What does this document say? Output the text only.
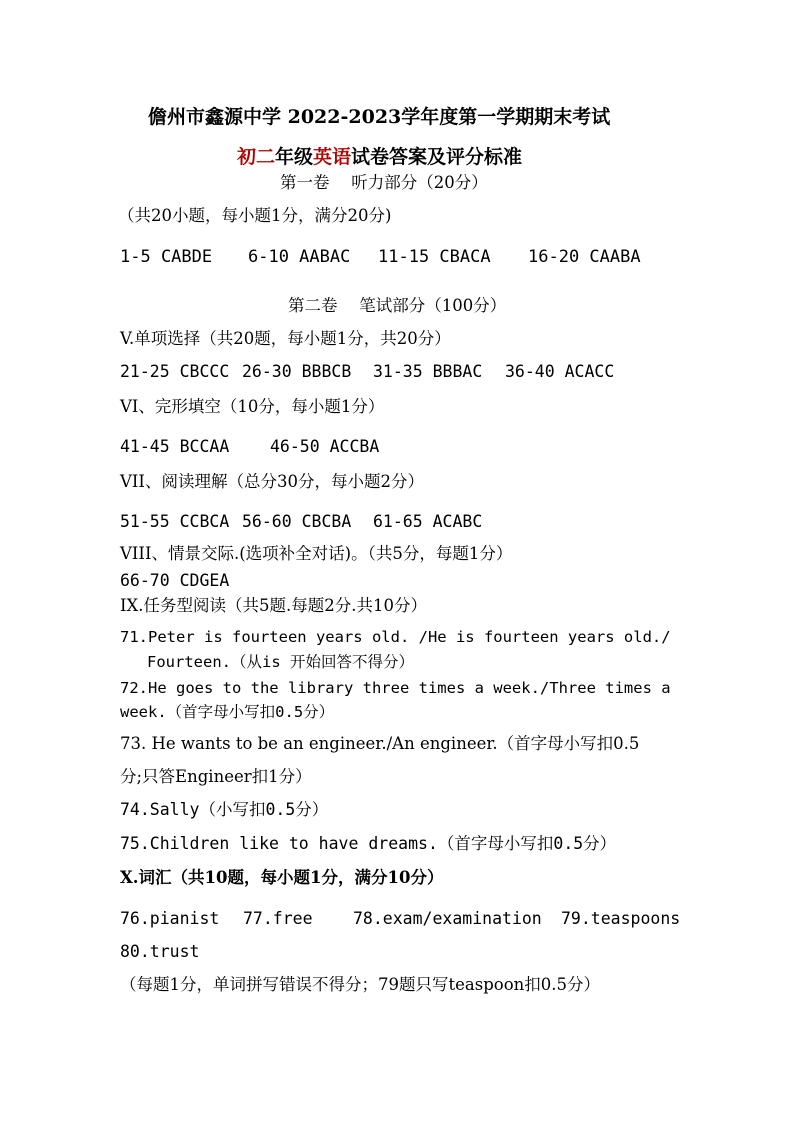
儋州市鑫源中学 2022-2023学年度第一学期期末考试
初二年级英语试卷答案及评分标准
第一卷　 听力部分（20分）
（共20小题，每小题1分，满分20分)
1-5 CABDE 6-10 AABAC 11-15 CBACA 16-20 CAABA
第二卷　 笔试部分（100分）
V.单项选择（共20题，每小题1分，共20分）
21-25 CBCCC 26-30 BBBCB 31-35 BBBAC 36-40 ACACC
VI、完形填空（10分，每小题1分）
41-45 BCCAA 46-50 ACCBA
VII、阅读理解（总分30分，每小题2分）
51-55 CCBCA 56-60 CBCBA 61-65 ACABC
VIII、情景交际.(选项补全对话)。（共5分，每题1分）
66-70 CDGEA
IX.任务型阅读（共5题.每题2分.共10分）
71.Peter is fourteen years old. /He is fourteen years old./
Fourteen.（从is 开始回答不得分）
72.He goes to the library three times a week./Three times a
week.（首字母小写扣0.5分）
73. He wants to be an engineer./An engineer.（首字母小写扣0.5
分;只答Engineer扣1分）
74.Sally（小写扣0.5分）
75.Children like to have dreams.（首字母小写扣0.5分）
X.词汇（共10题，每小题1分，满分10分）
76.pianist 77.free 78.exam/examination 79.teaspoons
80.trust
（每题1分，单词拼写错误不得分；79题只写teaspoon扣0.5分）
